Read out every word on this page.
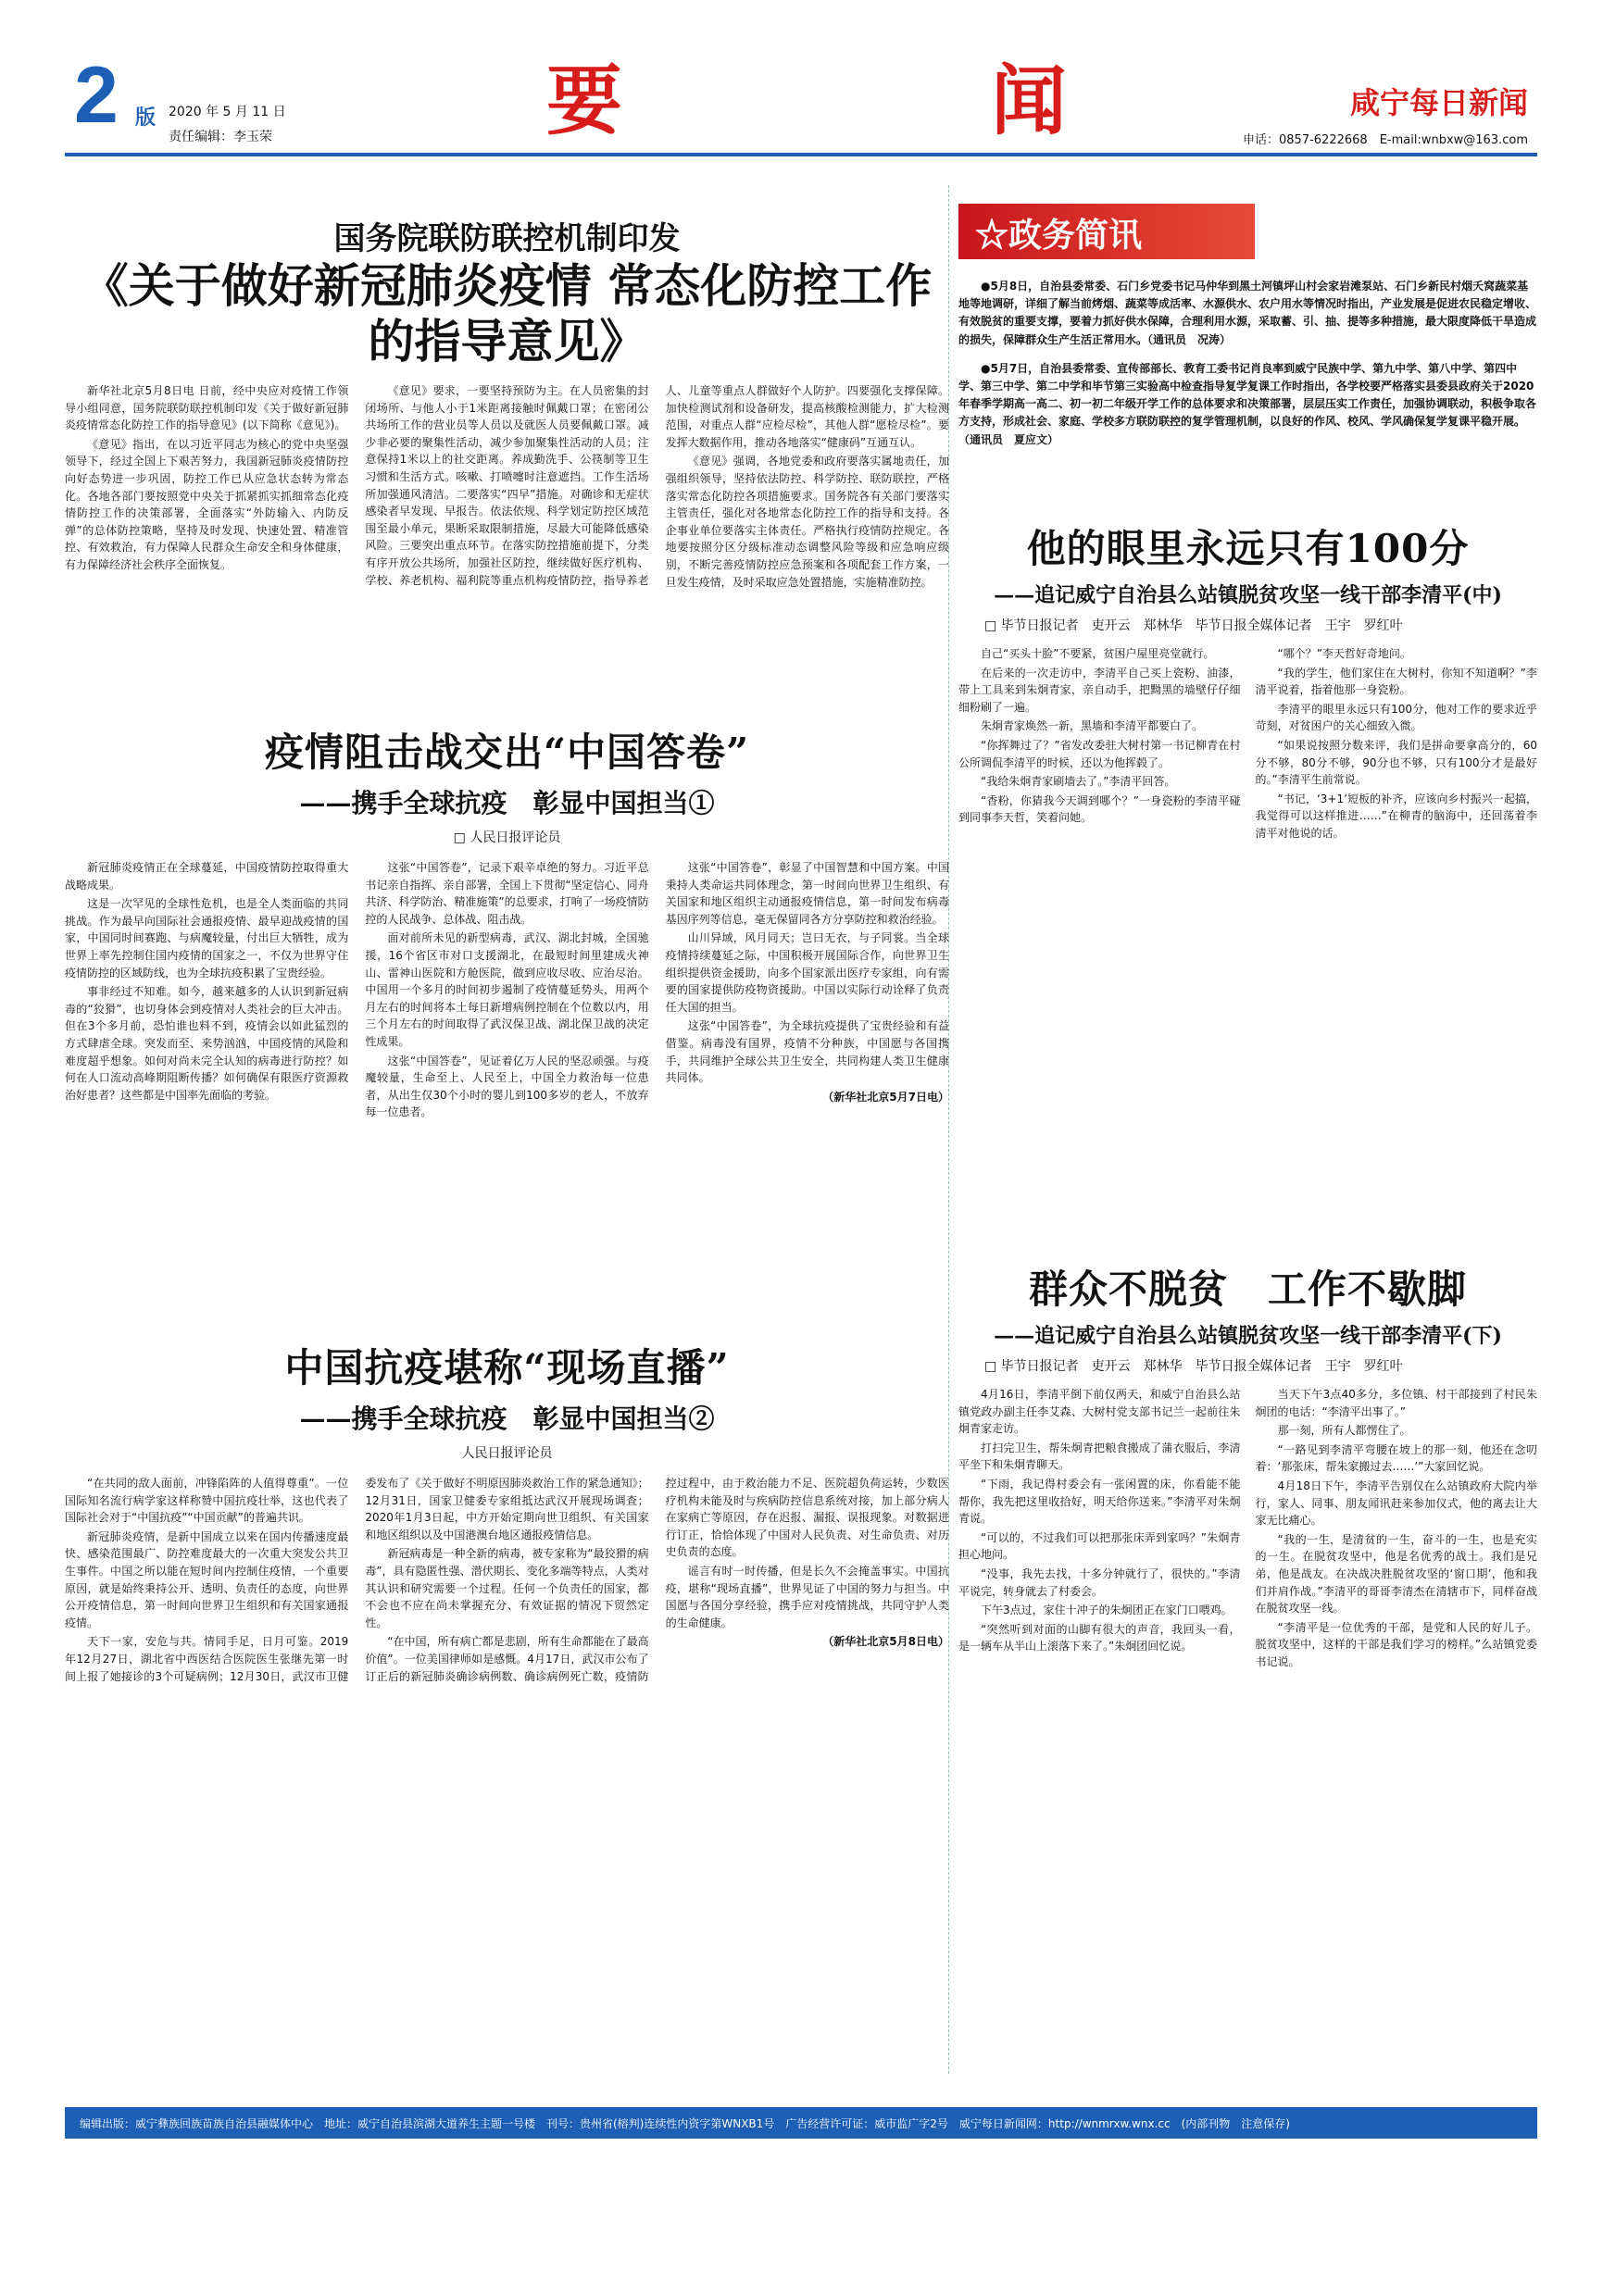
2 版 2020 年 5 月 11 日
责任编辑：李玉荣	要	闻	咸宁每日新闻
申话：0857-6222668　E-mail:wnbxw@163.com
国务院联防联控机制印发
《关于做好新冠肺炎疫情 常态化防控工作的指导意见》

新华社北京5月8日电 日前，经中央应对疫情工作领导小组同意，国务院联防联控机制印发《关于做好新冠肺炎疫情常态化防控工作的指导意见》(以下简称《意见》)。

《意见》指出，在以习近平同志为核心的党中央坚强领导下，经过全国上下艰苦努力，我国新冠肺炎疫情防控向好态势进一步巩固，防控工作已从应急状态转为常态化。各地各部门要按照党中央关于抓紧抓实抓细常态化疫情防控工作的决策部署，全面落实“外防输入、内防反弹”的总体防控策略，坚持及时发现、快速处置、精准管控、有效救治，有力保障人民群众生命安全和身体健康，有力保障经济社会秩序全面恢复。

《意见》要求，一要坚持预防为主。在人员密集的封闭场所、与他人小于1米距离接触时佩戴口罩；在密闭公共场所工作的营业员等人员以及就医人员要佩戴口罩。减少非必要的聚集性活动，减少参加聚集性活动的人员；注意保持1米以上的社交距离。养成勤洗手、公筷制等卫生习惯和生活方式。咳嗽、打喷嚏时注意遮挡。工作生活场所加强通风清洁。二要落实“四早”措施。对确诊和无症状感染者早发现、早报告。依法依规、科学划定防控区域范围至最小单元，果断采取限制措施，尽最大可能降低感染风险。三要突出重点环节。在落实防控措施前提下，分类有序开放公共场所，加强社区防控，继续做好医疗机构、学校、养老机构、福利院等重点机构疫情防控，指导养老人、儿童等重点人群做好个人防护。四要强化支撑保障。加快检测试剂和设备研发，提高核酸检测能力，扩大检测范围，对重点人群“应检尽检”，其他人群“愿检尽检”。要发挥大数据作用，推动各地落实“健康码”互通互认。

《意见》强调，各地党委和政府要落实属地责任，加强组织领导，坚持依法防控、科学防控、联防联控，严格落实常态化防控各项措施要求。国务院各有关部门要落实主管责任，强化对各地常态化防控工作的指导和支持。各企事业单位要落实主体责任。严格执行疫情防控规定。各地要按照分区分级标准动态调整风险等级和应急响应级别，不断完善疫情防控应急预案和各项配套工作方案，一旦发生疫情，及时采取应急处置措施，实施精准防控。

疫情阻击战交出“中国答卷”
——携手全球抗疫　彰显中国担当①
□ 人民日报评论员

新冠肺炎疫情正在全球蔓延，中国疫情防控取得重大战略成果。

这是一次罕见的全球性危机，也是全人类面临的共同挑战。作为最早向国际社会通报疫情、最早迎战疫情的国家，中国同时间赛跑、与病魔较量，付出巨大牺牲，成为世界上率先控制住国内疫情的国家之一，不仅为世界守住疫情防控的区域防线，也为全球抗疫积累了宝贵经验。

事非经过不知难。如今，越来越多的人认识到新冠病毒的“狡猾”，也切身体会到疫情对人类社会的巨大冲击。但在3个多月前，恐怕谁也料不到，疫情会以如此猛烈的方式肆虐全球。突发而至、来势汹汹，中国疫情的风险和难度超乎想象。如何对尚未完全认知的病毒进行防控？如何在人口流动高峰期阻断传播？如何确保有限医疗资源救治好患者？这些都是中国率先面临的考验。

这张“中国答卷”，记录下艰辛卓绝的努力。习近平总书记亲自指挥、亲自部署，全国上下贯彻“坚定信心、同舟共济、科学防治、精准施策”的总要求，打响了一场疫情防控的人民战争、总体战、阻击战。

面对前所未见的新型病毒，武汉、湖北封城，全国驰援，16个省区市对口支援湖北，在最短时间里建成火神山、雷神山医院和方舱医院，做到应收尽收、应治尽治。中国用一个多月的时间初步遏制了疫情蔓延势头，用两个月左右的时间将本土每日新增病例控制在个位数以内，用三个月左右的时间取得了武汉保卫战、湖北保卫战的决定性成果。

这张“中国答卷”，见证着亿万人民的坚忍顽强。与疫魔较量，生命至上、人民至上，中国全力救治每一位患者，从出生仅30个小时的婴儿到100多岁的老人，不放弃每一位患者。

这张“中国答卷”，彰显了中国智慧和中国方案。中国秉持人类命运共同体理念，第一时间向世界卫生组织、有关国家和地区组织主动通报疫情信息，第一时间发布病毒基因序列等信息，毫无保留同各方分享防控和救治经验。

山川异域，风月同天；岂曰无衣，与子同裳。当全球疫情持续蔓延之际，中国积极开展国际合作，向世界卫生组织提供资金援助，向多个国家派出医疗专家组，向有需要的国家提供防疫物资援助。中国以实际行动诠释了负责任大国的担当。

这张“中国答卷”，为全球抗疫提供了宝贵经验和有益借鉴。病毒没有国界，疫情不分种族，中国愿与各国携手，共同维护全球公共卫生安全，共同构建人类卫生健康共同体。

（新华社北京5月7日电）

中国抗疫堪称“现场直播”
——携手全球抗疫　彰显中国担当②
人民日报评论员

“在共同的敌人面前，冲锋陷阵的人值得尊重”。一位国际知名流行病学家这样称赞中国抗疫壮举，这也代表了国际社会对于“中国抗疫”“中国贡献”的普遍共识。

新冠肺炎疫情，是新中国成立以来在国内传播速度最快、感染范围最广、防控难度最大的一次重大突发公共卫生事件。中国之所以能在短时间内控制住疫情，一个重要原因，就是始终秉持公开、透明、负责任的态度，向世界公开疫情信息，第一时间向世界卫生组织和有关国家通报疫情。

天下一家，安危与共。情同手足，日月可鉴。2019年12月27日，湖北省中西医结合医院医生张继先第一时间上报了她接诊的3个可疑病例；12月30日，武汉市卫健委发布了《关于做好不明原因肺炎救治工作的紧急通知》；12月31日，国家卫健委专家组抵达武汉开展现场调查；2020年1月3日起，中方开始定期向世卫组织、有关国家和地区组织以及中国港澳台地区通报疫情信息。

新冠病毒是一种全新的病毒，被专家称为“最狡猾的病毒”，具有隐匿性强、潜伏期长、变化多端等特点，人类对其认识和研究需要一个过程。任何一个负责任的国家，都不会也不应在尚未掌握充分、有效证据的情况下贸然定性。

“在中国，所有病亡都是悲剧，所有生命都能在了最高价值”。一位美国律师如是感慨。4月17日，武汉市公布了订正后的新冠肺炎确诊病例数、确诊病例死亡数，疫情防控过程中，由于救治能力不足、医院超负荷运转，少数医疗机构未能及时与疾病防控信息系统对接，加上部分病人在家病亡等原因，存在迟报、漏报、误报现象。对数据进行订正，恰恰体现了中国对人民负责、对生命负责、对历史负责的态度。

谣言有时一时传播，但是长久不会掩盖事实。中国抗疫，堪称“现场直播”，世界见证了中国的努力与担当。中国愿与各国分享经验，携手应对疫情挑战，共同守护人类的生命健康。

（新华社北京5月8日电）

☆政务简讯

●5月8日，自治县委常委、石门乡党委书记马仲华到黑土河镇坪山村会家岩滩泵站、石门乡新民村烟夭窝蔬菜基地等地调研，详细了解当前烤烟、蔬菜等成活率、水源供水、农户用水等情况时指出，产业发展是促进农民稳定增收、有效脱贫的重要支撑，要着力抓好供水保障，合理利用水源，采取蓄、引、抽、提等多种措施，最大限度降低干旱造成的损失，保障群众生产生活正常用水。（通讯员　况涛）

●5月7日，自治县委常委、宣传部部长、教育工委书记肖良率到威宁民族中学、第九中学、第八中学、第四中学、第三中学、第二中学和毕节第三实验高中检查指导复学复课工作时指出，各学校要严格落实县委县政府关于2020年春季学期高一高二、初一初二年级开学工作的总体要求和决策部署，层层压实工作责任，加强协调联动，积极争取各方支持，形成社会、家庭、学校多方联防联控的复学管理机制，以良好的作风、校风、学风确保复学复课平稳开展。（通讯员　夏应文）

他的眼里永远只有100分
——追记威宁自治县么站镇脱贫攻坚一线干部李清平(中)
□ 毕节日报记者　吏开云　郑林华　毕节日报全媒体记者　王宇　罗红叶

自己“买头十脸”不要紧，贫困户屋里亮堂就行。

在后来的一次走访中，李清平自己买上瓷粉、油漆，带上工具来到朱炯青家，亲自动手，把黝黑的墙壁仔仔细细粉刷了一遍。

朱炯青家焕然一新，黑墙和李清平都要白了。

“你挥舞过了？”省发改委驻大树村第一书记柳青在村公所调侃李清平的时候，还以为他挥毂了。

“我给朱炯青家刷墙去了。”李清平回答。

“香粉，你猜我今天调到哪个？”一身瓷粉的李清平碰到同事李天哲，笑着问她。

“哪个？”李天哲好奇地问。

“我的学生，他们家住在大树村，你知不知道啊？”李清平说着，指着他那一身瓷粉。

李清平的眼里永远只有100分，他对工作的要求近乎苛刻，对贫困户的关心细致入微。

“如果说按照分数来评，我们是拼命要拿高分的，60分不够，80分不够，90分也不够，只有100分才是最好的。”李清平生前常说。

“书记，‘3+1’短板的补齐，应该向乡村振兴一起搞，我觉得可以这样推进……”在柳青的脑海中，还回荡着李清平对他说的话。

群众不脱贫　工作不歇脚
——追记威宁自治县么站镇脱贫攻坚一线干部李清平(下)
□ 毕节日报记者　吏开云　郑林华　毕节日报全媒体记者　王宇　罗红叶

4月16日，李清平倒下前仅两天，和威宁自治县么站镇党政办副主任李艾森、大树村党支部书记兰一起前往朱炯青家走访。

打扫完卫生，帮朱炯青把粮食搬成了蒲衣服后，李清平坐下和朱炯青聊天。

“下雨，我记得村委会有一张闲置的床，你看能不能帮你，我先把这里收拾好，明天给你送来。”李清平对朱炯青说。

“可以的，不过我们可以把那张床弄到家吗？”朱炯青担心地问。

“没事，我先去找，十多分钟就行了，很快的。”李清平说完，转身就去了村委会。

下午3点过，家住十冲子的朱炯团正在家门口喂鸡。

“突然听到对面的山脚有很大的声音，我回头一看，是一辆车从半山上滚落下来了。”朱炯团回忆说。

当天下午3点40多分，多位镇、村干部接到了村民朱炯团的电话：“李清平出事了。”

那一刻，所有人都愣住了。

“一路见到李清平弯腰在坡上的那一刻，他还在念叨着：‘那张床，帮朱家搬过去……’”大家回忆说。

4月18日下午，李清平告别仅在么站镇政府大院内举行，家人、同事、朋友闻讯赶来参加仪式，他的离去让大家无比痛心。

“我的一生，是清贫的一生，奋斗的一生，也是充实的一生。在脱贫攻坚中，他是名优秀的战士。我们是兄弟，他是战友。在决战决胜脱贫攻坚的‘窗口期’，他和我们并肩作战。”李清平的哥哥李清杰在清辖市下，同样奋战在脱贫攻坚一线。

“李清平是一位优秀的干部，是党和人民的好儿子。脱贫攻坚中，这样的干部是我们学习的榜样。”么站镇党委书记说。

编辑出版：威宁彝族回族苗族自治县融媒体中心　地址：威宁自治县滨湖大道养生主题一号楼　刊号：贵州省(榕判)连续性内资字第WNXB1号　广告经营许可证：威市监广字2号　威宁每日新闻网：http://wnmrxw.wnx.cc　(内部刊物　注意保存)
